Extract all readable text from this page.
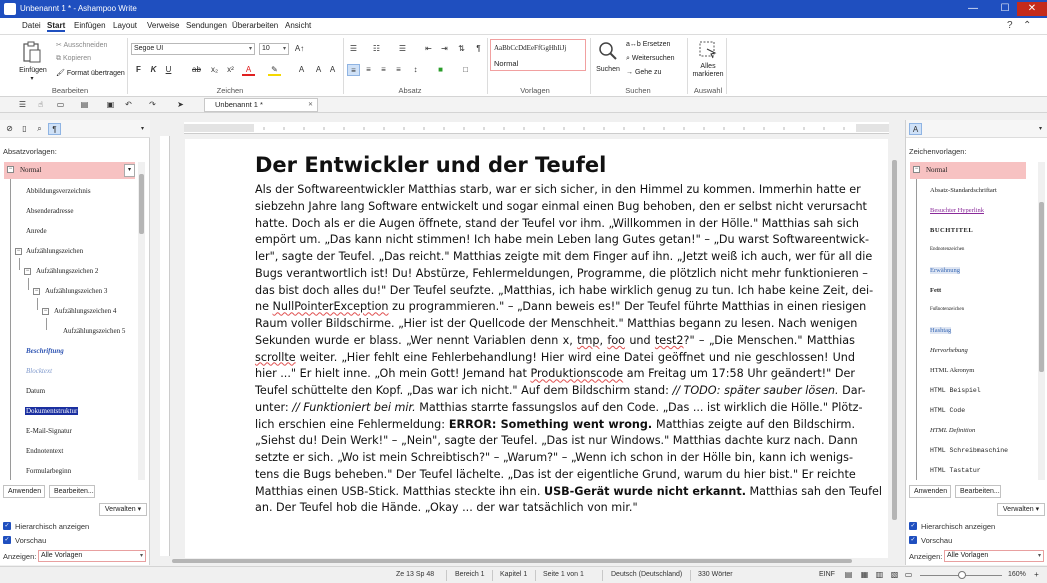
Unbenannt 1 * - Ashampoo Write	—	☐	✕
Datei Start Einfügen Layout Verweise Sendungen Überarbeiten Ansicht	? ⌃
Einfügen
▾
✂ Ausschneiden
⧉ Kopieren
🖌 Format übertragen
Bearbeiten
Segoe UI	▾	10 ▾ A↑
F	K	U	ab	x₂	x²	A	✎	A	A	A
Zeichen
☰	☷	☰	⇤	⇥	⇅	¶
≡	≡	≡	≡	↕	■	□
Absatz
AaBbCcDdEeFfGgHhIiJj
Normal
Vorlagen
Suchen
a↔b Ersetzen
⌕ Weitersuchen
→ Gehe zu
Suchen
Alles
markieren
Auswahl
☰	☝	▭	▤	▣	↶	↷	➤	Unbenannt 1 *	✕
⊘	▯	⌕	¶	▾
Absatzvorlagen:
Normal	▾
−
Abbildungsverzeichnis
Absenderadresse
Anrede
− Aufzählungszeichen
− Aufzählungszeichen 2
− Aufzählungszeichen 3
− Aufzählungszeichen 4
Aufzählungszeichen 5
Beschriftung
Blocktext
Datum
Dokumentstruktur
E-Mail-Signatur
Endnotentext
Formularbeginn
Anwenden	Bearbeiten...
Verwalten ▾
✓ Hierarchisch anzeigen
✓ Vorschau
Anzeigen: Alle Vorlagen	▾
Der Entwickler und der Teufel
Als der Softwareentwickler Matthias starb, war er sich sicher, in den Himmel zu kommen. Immerhin hatte er
siebzehn Jahre lang Software entwickelt und sogar einmal einen Bug behoben, den er selbst nicht verursacht
hatte. Doch als er die Augen öffnete, stand der Teufel vor ihm. „Willkommen in der Hölle." Matthias sah sich
empört um. „Das kann nicht stimmen! Ich habe mein Leben lang Gutes getan!" – „Du warst Softwareentwick-
ler", sagte der Teufel. „Das reicht." Matthias zeigte mit dem Finger auf ihn. „Jetzt weiß ich auch, wer für all die
Bugs verantwortlich ist! Du! Abstürze, Fehlermeldungen, Programme, die plötzlich nicht mehr funktionieren –
das bist doch alles du!" Der Teufel seufzte. „Matthias, ich habe wirklich genug zu tun. Ich habe keine Zeit, dei-
ne NullPointerException zu programmieren." – „Dann beweis es!" Der Teufel führte Matthias in einen riesigen
Raum voller Bildschirme. „Hier ist der Quellcode der Menschheit." Matthias begann zu lesen. Nach wenigen
Sekunden wurde er blass. „Wer nennt Variablen denn x, tmp, foo und test2?" – „Die Menschen." Matthias
scrollte weiter. „Hier fehlt eine Fehlerbehandlung! Hier wird eine Datei geöffnet und nie geschlossen! Und
hier ..." Er hielt inne. „Oh mein Gott! Jemand hat Produktionscode am Freitag um 17:58 Uhr geändert!" Der
Teufel schüttelte den Kopf. „Das war ich nicht." Auf dem Bildschirm stand: // TODO: später sauber lösen. Dar-
unter: // Funktioniert bei mir. Matthias starrte fassungslos auf den Code. „Das ... ist wirklich die Hölle." Plötz-
lich erschien eine Fehlermeldung: ERROR: Something went wrong. Matthias zeigte auf den Bildschirm.
„Siehst du! Dein Werk!" – „Nein", sagte der Teufel. „Das ist nur Windows." Matthias dachte kurz nach. Dann
setzte er sich. „Wo ist mein Schreibtisch?" – „Warum?" – „Wenn ich schon in der Hölle bin, kann ich wenigs-
tens die Bugs beheben." Der Teufel lächelte. „Das ist der eigentliche Grund, warum du hier bist." Er reichte
Matthias einen USB-Stick. Matthias steckte ihn ein. USB-Gerät wurde nicht erkannt. Matthias sah den Teufel
an. Der Teufel hob die Hände. „Okay ... der war tatsächlich von mir."
A	▾
Zeichenvorlagen:
Normal
−
Absatz-Standardschriftart
Besuchter Hyperlink
BUCHTITEL
Endnotenzeichen
Erwähnung
Fett
Fußnotenzeichen
Hashtag
Hervorhebung
HTML Akronym
HTML Beispiel
HTML Code
HTML Definition
HTML Schreibmaschine
HTML Tastatur
Anwenden	Bearbeiten...
Verwalten ▾
✓ Hierarchisch anzeigen
✓ Vorschau
Anzeigen: Alle Vorlagen	▾
Ze 13 Sp 48	Bereich 1 Kapitel 1 Seite 1 von 1	Deutsch (Deutschland) 330 Wörter	EINF	▤	▦ ▥ ▧ ▭	160%	+
